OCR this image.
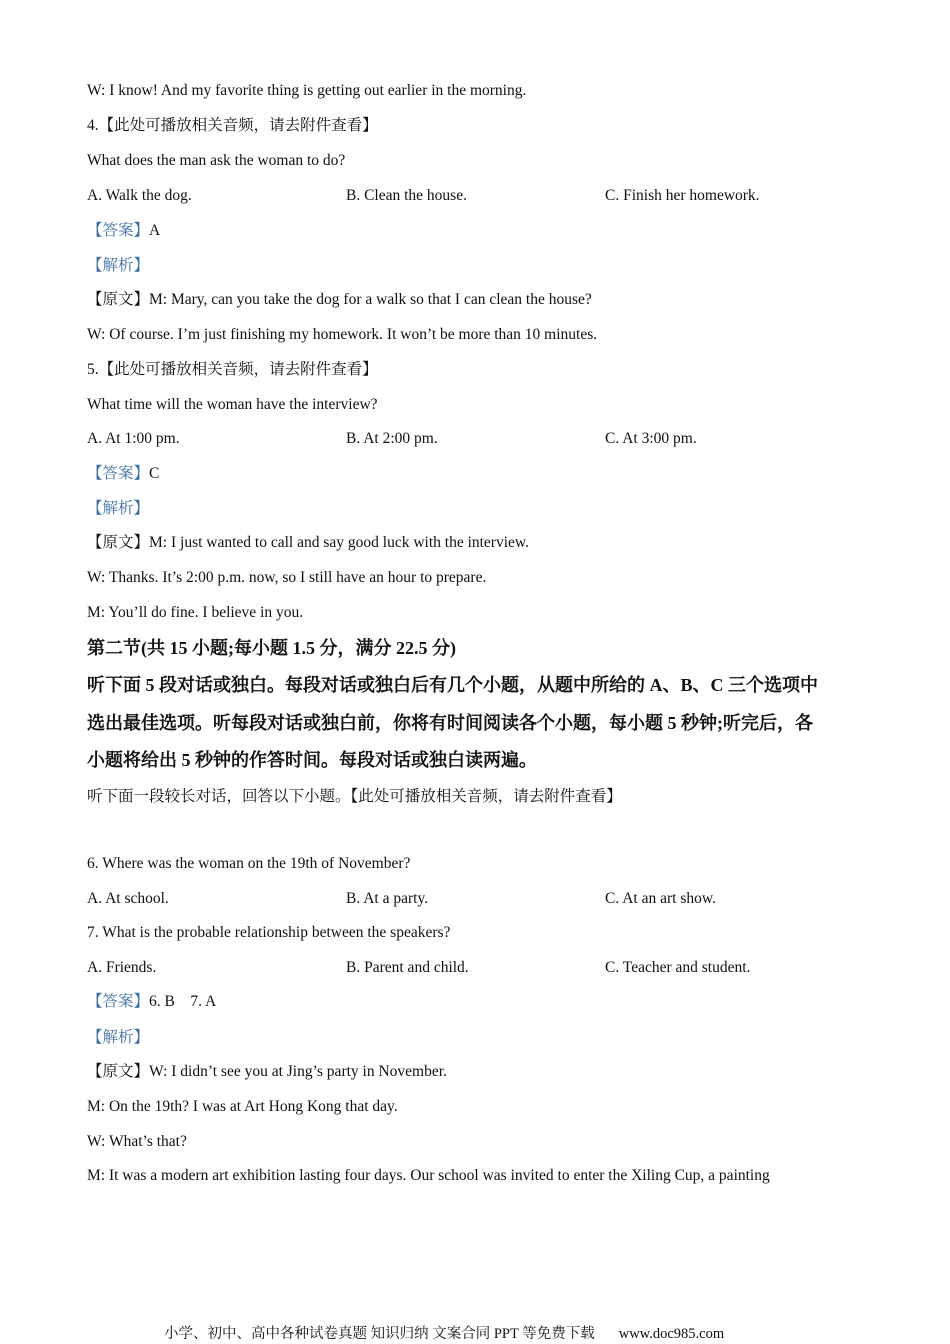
W: I know! And my favorite thing is getting out earlier in the morning.
4.【此处可播放相关音频，请去附件查看】
What does the man ask the woman to do?
A. Walk the dog.	B. Clean the house.	C. Finish her homework.
【答案】A
【解析】
【原文】M: Mary, can you take the dog for a walk so that I can clean the house?
W: Of course. I’m just finishing my homework. It won’t be more than 10 minutes.
5.【此处可播放相关音频，请去附件查看】
What time will the woman have the interview?
A. At 1:00 pm.	B. At 2:00 pm.	C. At 3:00 pm.
【答案】C
【解析】
【原文】M: I just wanted to call and say good luck with the interview.
W: Thanks. It’s 2:00 p.m. now, so I still have an hour to prepare.
M: You’ll do fine. I believe in you.
第二节(共 15 小题;每小题 1.5 分，满分 22.5 分)
听下面 5 段对话或独白。每段对话或独白后有几个小题，从题中所给的 A、B、C 三个选项中
选出最佳选项。听每段对话或独白前，你将有时间阅读各个小题，每小题 5 秒钟;听完后，各
小题将给出 5 秒钟的作答时间。每段对话或独白读两遍。
听下面一段较长对话，回答以下小题。【此处可播放相关音频，请去附件查看】
6. Where was the woman on the 19th of November?
A. At school.	B. At a party.	C. At an art show.
7. What is the probable relationship between the speakers?
A. Friends.	B. Parent and child.	C. Teacher and student.
【答案】6. B    7. A
【解析】
【原文】W: I didn’t see you at Jing’s party in November.
M: On the 19th? I was at Art Hong Kong that day.
W: What’s that?
M: It was a modern art exhibition lasting four days. Our school was invited to enter the Xiling Cup, a painting
小学、初中、高中各种试卷真题 知识归纳 文案合同 PPT 等免费下载 www.doc985.com
